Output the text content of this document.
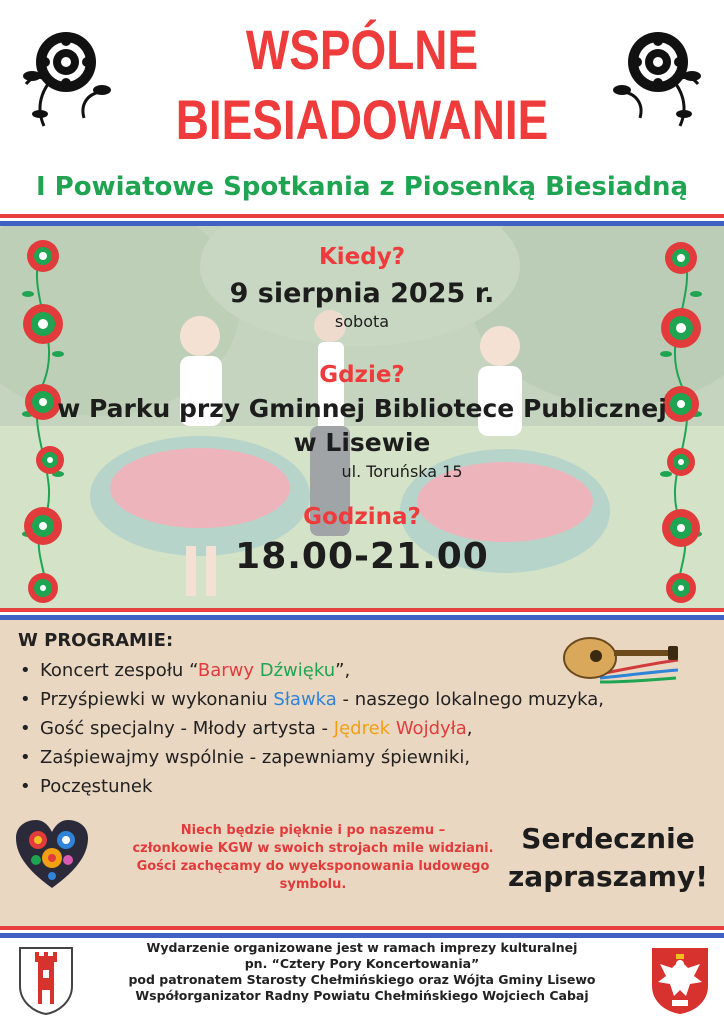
WSPÓLNE
BIESIADOWANIE
I Powiatowe Spotkania z Piosenką Biesiadną
Kiedy?
9 sierpnia 2025 r.
sobota
Gdzie?
w Parku przy Gminnej Bibliotece Publicznej
w Lisewie
ul. Toruńska 15
Godzina?
18.00-21.00
W PROGRAMIE:
• Koncert zespołu “Barwy Dźwięku”,
• Przyśpiewki w wykonaniu Sławka - naszego lokalnego muzyka,
• Gość specjalny - Młody artysta - Jędrek Wojdyła,
• Zaśpiewajmy wspólnie - zapewniamy śpiewniki,
• Poczęstunek
Niech będzie pięknie i po naszemu –
członkowie KGW w swoich strojach mile widziani.
Gości zachęcamy do wyeksponowania ludowego
symbolu.
Serdecznie
zapraszamy!
Wydarzenie organizowane jest w ramach imprezy kulturalnej
pn. “Cztery Pory Koncertowania”
pod patronatem Starosty Chełmińskiego oraz Wójta Gminy Lisewo
Współorganizator Radny Powiatu Chełmińskiego Wojciech Cabaj
